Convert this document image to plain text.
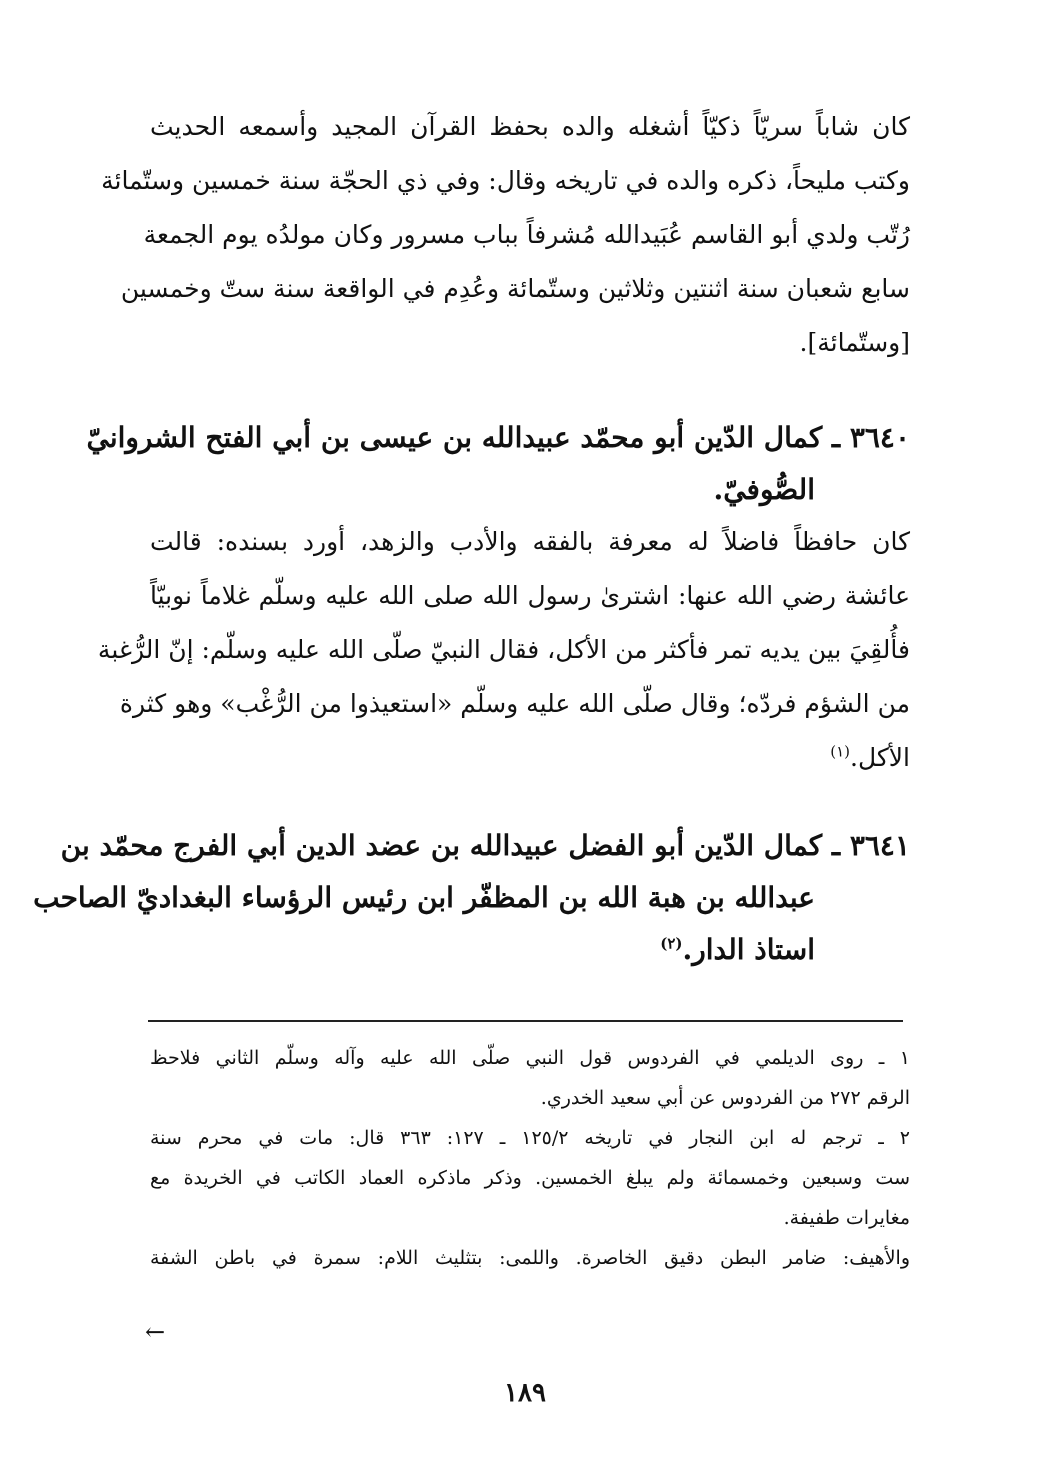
كان شاباً سريّاً ذكيّاً أشغله والده بحفظ القرآن المجيد وأسمعه الحديث
وكتب مليحاً، ذكره والده في تاريخه وقال: وفي ذي الحجّة سنة خمسين وستّمائة
رُتّب ولدي أبو القاسم عُبَيدالله مُشرفاً بباب مسرور وكان مولدُه يوم الجمعة
سابع شعبان سنة اثنتين وثلاثين وستّمائة وعُدِم في الواقعة سنة ستّ وخمسين
[وستّمائة].
٣٦٤٠ ـ كمال الدّين أبو محمّد عبيدالله بن عيسى بن أبي الفتح الشروانيّ
الصُّوفيّ.
كان حافظاً فاضلاً له معرفة بالفقه والأدب والزهد، أورد بسنده: قالت
عائشة رضي الله عنها: اشترىٰ رسول الله صلى الله عليه وسلّم غلاماً نوبيّاً
فأُلقِيَ بين يديه تمر فأكثر من الأكل، فقال النبيّ صلّى الله عليه وسلّم: إنّ الرُّغبة
من الشؤم فردّه؛ وقال صلّى الله عليه وسلّم «استعيذوا من الرُّغْب» وهو كثرة
الأكل.$^{(١)}$
٣٦٤١ ـ كمال الدّين أبو الفضل عبيدالله بن عضد الدين أبي الفرج محمّد بن
عبدالله بن هبة الله بن المظفّر ابن رئيس الرؤساء البغداديّ الصاحب
استاذ الدار.$^{(٢)}$
١ ـ روى الديلمي في الفردوس قول النبي صلّى الله عليه وآله وسلّم الثاني فلاحظ
الرقم ٢٧٢ من الفردوس عن أبي سعيد الخدري.
٢ ـ ترجم له ابن النجار في تاريخه ١٢٥/٢ ـ ١٢٧: ٣٦٣ قال: مات في محرم سنة
ست وسبعين وخمسمائة ولم يبلغ الخمسين. وذكر ماذكره العماد الكاتب في الخريدة مع
مغايرات طفيفة.
والأهيف: ضامر البطن دقيق الخاصرة. واللمى: بتثليث اللام: سمرة في باطن الشفة
←
١٨٩
